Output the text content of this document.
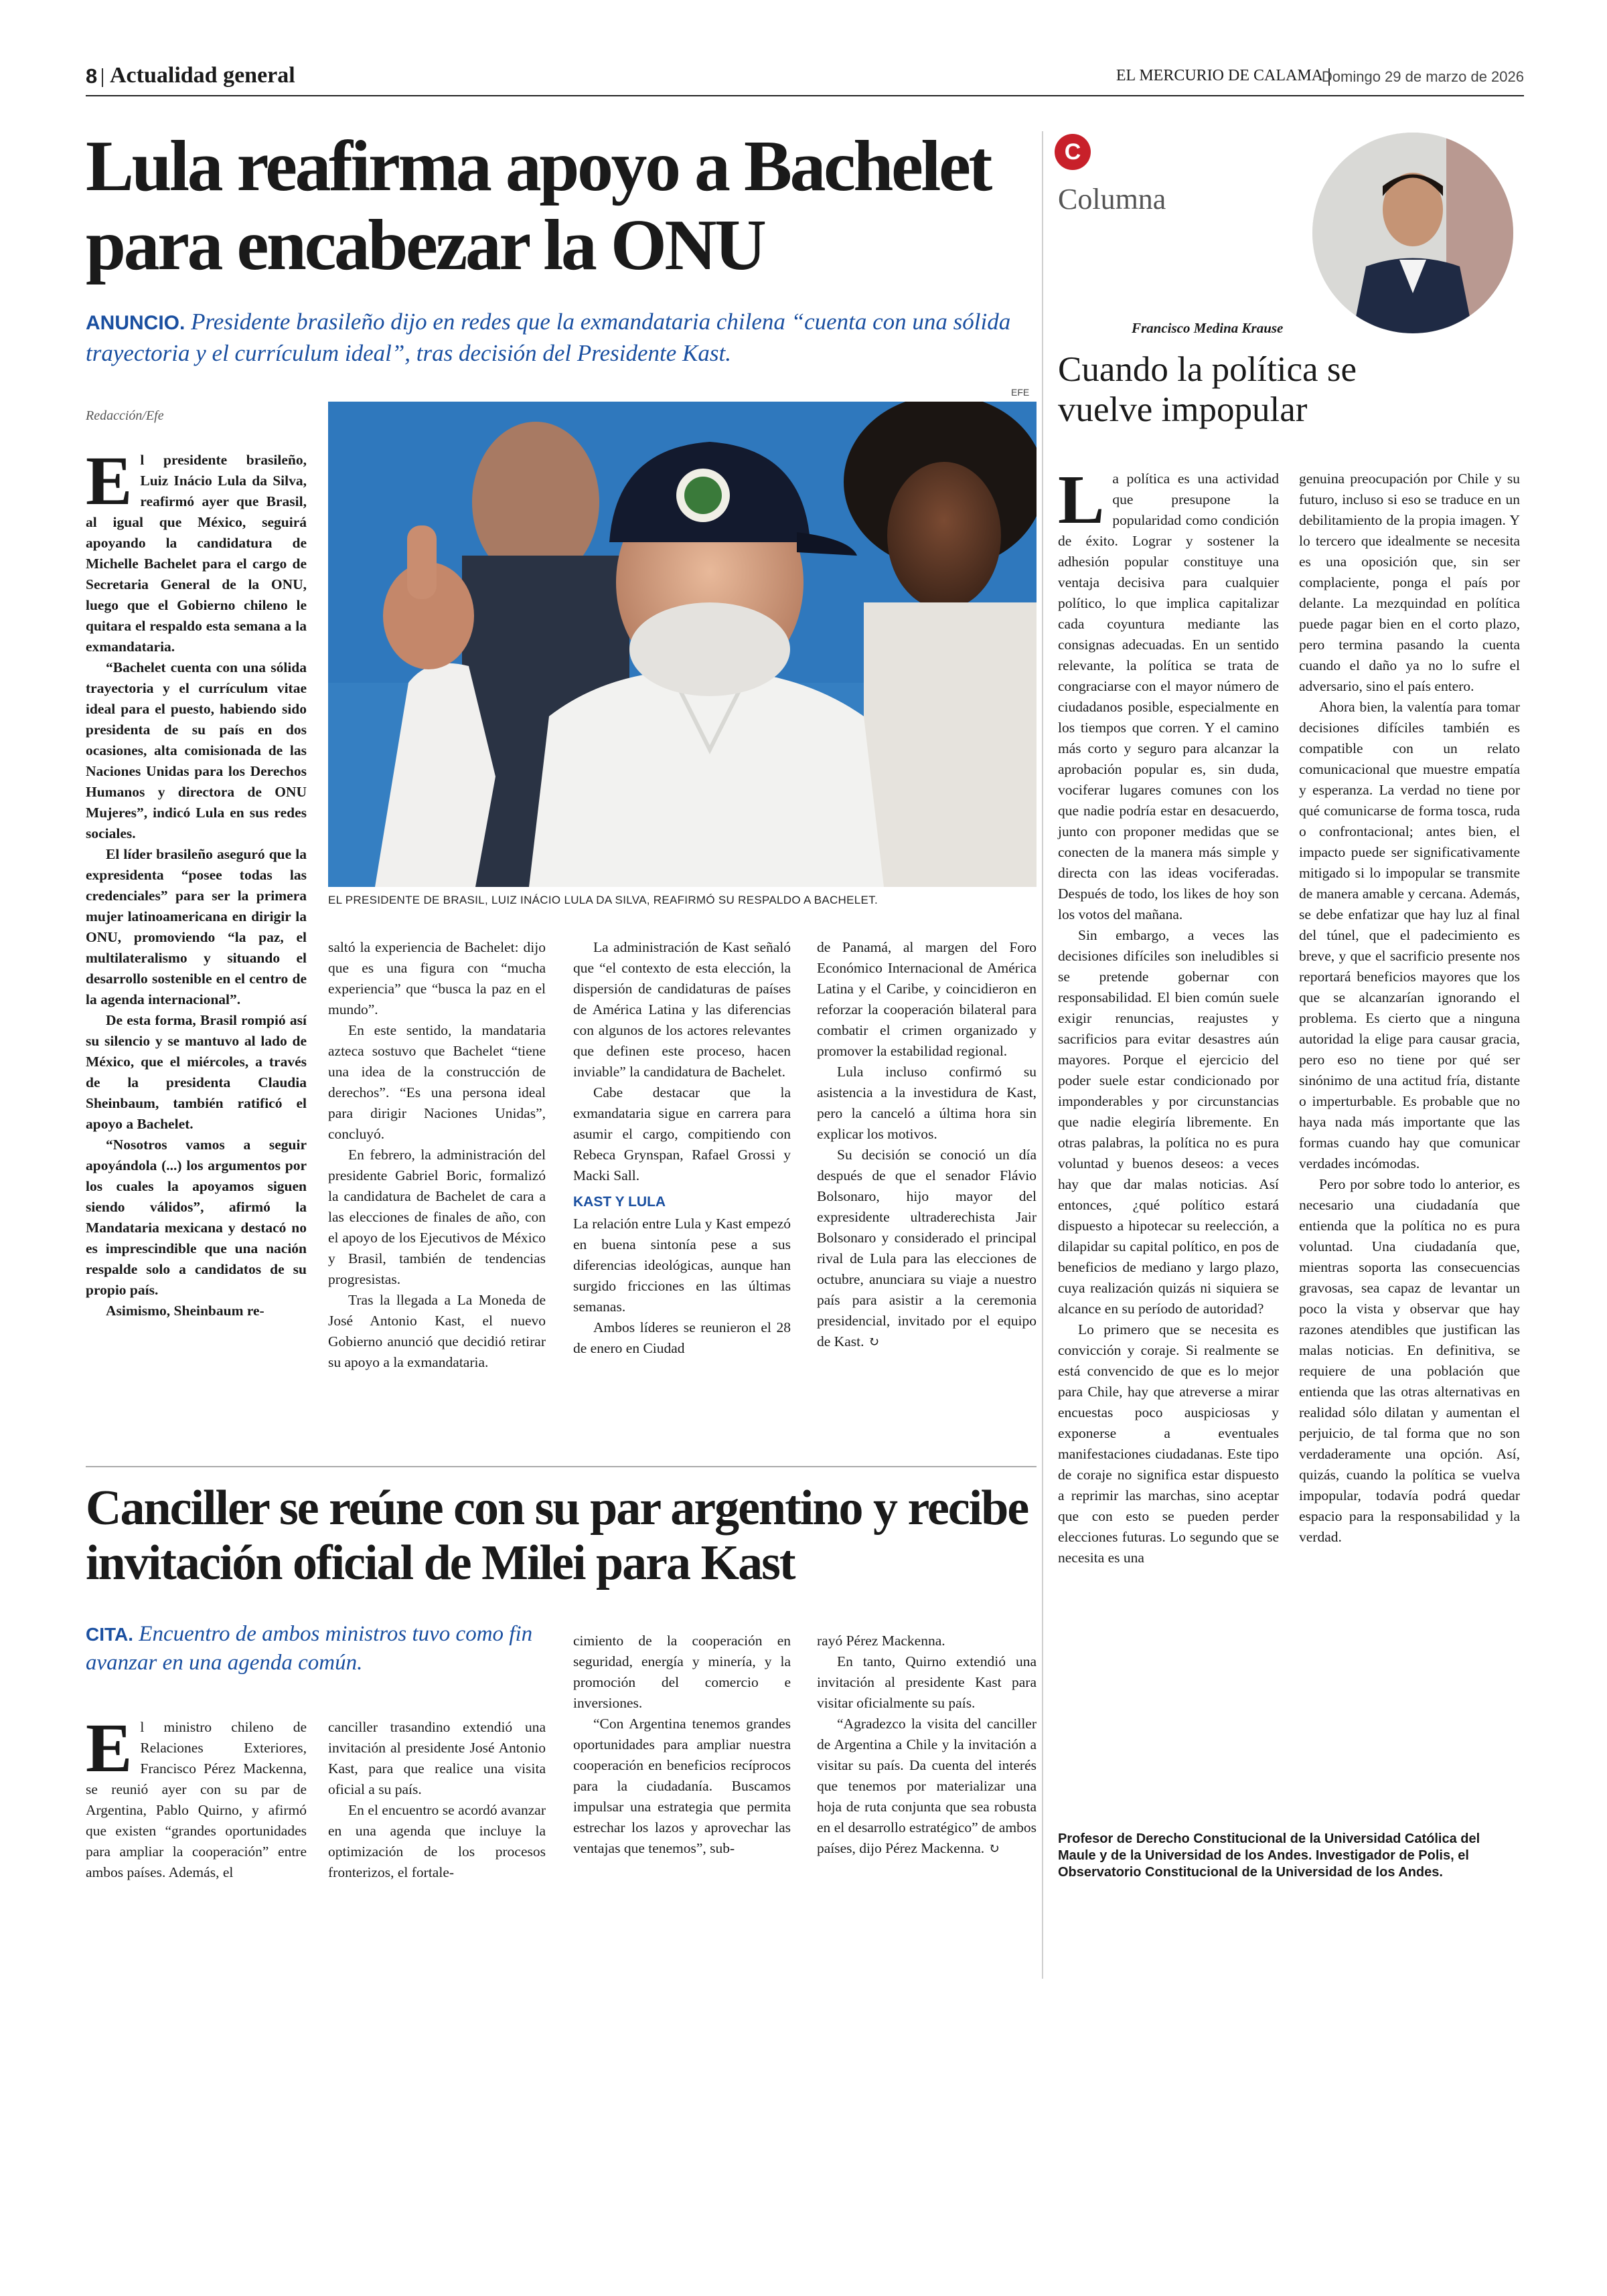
8 Actualidad general	EL MERCURIO DE CALAMA
Domingo 29 de marzo de 2026
Lula reafirma apoyo a Bachelet para encabezar la ONU
ANUNCIO. Presidente brasileño dijo en redes que la exmandataria chilena “cuenta con una sólida trayectoria y el currículum ideal”, tras decisión del Presidente Kast.
Redacción/Efe
EFE
EL PRESIDENTE DE BRASIL, LUIZ INÁCIO LULA DA SILVA, REAFIRMÓ SU RESPALDO A BACHELET.

El presidente brasileño, Luiz Inácio Lula da Silva, reafirmó ayer que Brasil, al igual que México, seguirá apoyando la candidatura de Michelle Bachelet para el cargo de Secretaria General de la ONU, luego que el Gobierno chileno le quitara el respaldo esta semana a la exmandataria.

“Bachelet cuenta con una sólida trayectoria y el currículum vitae ideal para el puesto, habiendo sido presidenta de su país en dos ocasiones, alta comisionada de las Naciones Unidas para los Derechos Humanos y directora de ONU Mujeres”, indicó Lula en sus redes sociales.

El líder brasileño aseguró que la expresidenta “posee todas las credenciales” para ser la primera mujer latinoamericana en dirigir la ONU, promoviendo “la paz, el multilateralismo y situando el desarrollo sostenible en el centro de la agenda internacional”.

De esta forma, Brasil rompió así su silencio y se mantuvo al lado de México, que el miércoles, a través de la presidenta Claudia Sheinbaum, también ratificó el apoyo a Bachelet.

“Nosotros vamos a seguir apoyándola (...) los argumentos por los cuales la apoyamos siguen siendo válidos”, afirmó la Mandataria mexicana y destacó no es imprescindible que una nación respalde solo a candidatos de su propio país.

Asimismo, Sheinbaum re-

saltó la experiencia de Bachelet: dijo que es una figura con “mucha experiencia” que “busca la paz en el mundo”.

En este sentido, la mandataria azteca sostuvo que Bachelet “tiene una idea de la construcción de derechos”. “Es una persona ideal para dirigir Naciones Unidas”, concluyó.

En febrero, la administración del presidente Gabriel Boric, formalizó la candidatura de Bachelet de cara a las elecciones de finales de año, con el apoyo de los Ejecutivos de México y Brasil, también de tendencias progresistas.

Tras la llegada a La Moneda de José Antonio Kast, el nuevo Gobierno anunció que decidió retirar su apoyo a la exmandataria.

La administración de Kast señaló que “el contexto de esta elección, la dispersión de candidaturas de países de América Latina y las diferencias con algunos de los actores relevantes que definen este proceso, hacen inviable” la candidatura de Bachelet.

Cabe destacar que la exmandataria sigue en carrera para asumir el cargo, compitiendo con Rebeca Grynspan, Rafael Grossi y Macki Sall.

KAST Y LULA

La relación entre Lula y Kast empezó en buena sintonía pese a sus diferencias ideológicas, aunque han surgido fricciones en las últimas semanas.

Ambos líderes se reunieron el 28 de enero en Ciudad

de Panamá, al margen del Foro Económico Internacional de América Latina y el Caribe, y coincidieron en reforzar la cooperación bilateral para combatir el crimen organizado y promover la estabilidad regional.

Lula incluso confirmó su asistencia a la investidura de Kast, pero la canceló a última hora sin explicar los motivos.

Su decisión se conoció un día después de que el senador Flávio Bolsonaro, hijo mayor del expresidente ultraderechista Jair Bolsonaro y considerado el principal rival de Lula para las elecciones de octubre, anunciara su viaje a nuestro país para asistir a la ceremonia presidencial, invitado por el equipo de Kast. ↻

Canciller se reúne con su par argentino y recibe invitación oficial de Milei para Kast
CITA. Encuentro de ambos ministros tuvo como fin avanzar en una agenda común.

El ministro chileno de Relaciones Exteriores, Francisco Pérez Mackenna, se reunió ayer con su par de Argentina, Pablo Quirno, y afirmó que existen “grandes oportunidades para ampliar la cooperación” entre ambos países. Además, el

canciller trasandino extendió una invitación al presidente José Antonio Kast, para que realice una visita oficial a su país.

En el encuentro se acordó avanzar en una agenda que incluye la optimización de los procesos fronterizos, el fortale-

cimiento de la cooperación en seguridad, energía y minería, y la promoción del comercio e inversiones.

“Con Argentina tenemos grandes oportunidades para ampliar nuestra cooperación en beneficios recíprocos para la ciudadanía. Buscamos impulsar una estrategia que permita estrechar los lazos y aprovechar las ventajas que tenemos”, sub-

rayó Pérez Mackenna.

En tanto, Quirno extendió una invitación al presidente Kast para visitar oficialmente su país.

“Agradezco la visita del canciller de Argentina a Chile y la invitación a visitar su país. Da cuenta del interés que tenemos por materializar una hoja de ruta conjunta que sea robusta en el desarrollo estratégico” de ambos países, dijo Pérez Mackenna. ↻

C
Columna
Francisco Medina Krause
Cuando la política se vuelve impopular

La política es una actividad que presupone la popularidad como condición de éxito. Lograr y sostener la adhesión popular constituye una ventaja decisiva para cualquier político, lo que implica capitalizar cada coyuntura mediante las consignas adecuadas. En un sentido relevante, la política se trata de congraciarse con el mayor número de ciudadanos posible, especialmente en los tiempos que corren. Y el camino más corto y seguro para alcanzar la aprobación popular es, sin duda, vociferar lugares comunes con los que nadie podría estar en desacuerdo, junto con proponer medidas que se conecten de la manera más simple y directa con las ideas vociferadas. Después de todo, los likes de hoy son los votos del mañana.

Sin embargo, a veces las decisiones difíciles son ineludibles si se pretende gobernar con responsabilidad. El bien común suele exigir renuncias, reajustes y sacrificios para evitar desastres aún mayores. Porque el ejercicio del poder suele estar condicionado por imponderables y por circunstancias que nadie elegiría libremente. En otras palabras, la política no es pura voluntad y buenos deseos: a veces hay que dar malas noticias. Así entonces, ¿qué político estará dispuesto a hipotecar su reelección, a dilapidar su capital político, en pos de beneficios de mediano y largo plazo, cuya realización quizás ni siquiera se alcance en su período de autoridad?

Lo primero que se necesita es convicción y coraje. Si realmente se está convencido de que es lo mejor para Chile, hay que atreverse a mirar encuestas poco auspiciosas y exponerse a eventuales manifestaciones ciudadanas. Este tipo de coraje no significa estar dispuesto a reprimir las marchas, sino aceptar que con esto se pueden perder elecciones futuras. Lo segundo que se necesita es una

genuina preocupación por Chile y su futuro, incluso si eso se traduce en un debilitamiento de la propia imagen. Y lo tercero que idealmente se necesita es una oposición que, sin ser complaciente, ponga el país por delante. La mezquindad en política puede pagar bien en el corto plazo, pero termina pasando la cuenta cuando el daño ya no lo sufre el adversario, sino el país entero.

Ahora bien, la valentía para tomar decisiones difíciles también es compatible con un relato comunicacional que muestre empatía y esperanza. La verdad no tiene por qué comunicarse de forma tosca, ruda o confrontacional; antes bien, el impacto puede ser significativamente mitigado si lo impopular se transmite de manera amable y cercana. Además, se debe enfatizar que hay luz al final del túnel, que el padecimiento es breve, y que el sacrificio presente nos reportará beneficios mayores que los que se alcanzarían ignorando el problema. Es cierto que a ninguna autoridad la elige para causar gracia, pero eso no tiene por qué ser sinónimo de una actitud fría, distante o imperturbable. Es probable que no haya nada más importante que las formas cuando hay que comunicar verdades incómodas.

Pero por sobre todo lo anterior, es necesario una ciudadanía que entienda que la política no es pura voluntad. Una ciudadanía que, mientras soporta las consecuencias gravosas, sea capaz de levantar un poco la vista y observar que hay razones atendibles que justifican las malas noticias. En definitiva, se requiere de una población que entienda que las otras alternativas en realidad sólo dilatan y aumentan el perjuicio, de tal forma que no son verdaderamente una opción. Así, quizás, cuando la política se vuelva impopular, todavía podrá quedar espacio para la responsabilidad y la verdad.

Profesor de Derecho Constitucional de la Universidad Católica del Maule y de la Universidad de los Andes. Investigador de Polis, el Observatorio Constitucional de la Universidad de los Andes.
